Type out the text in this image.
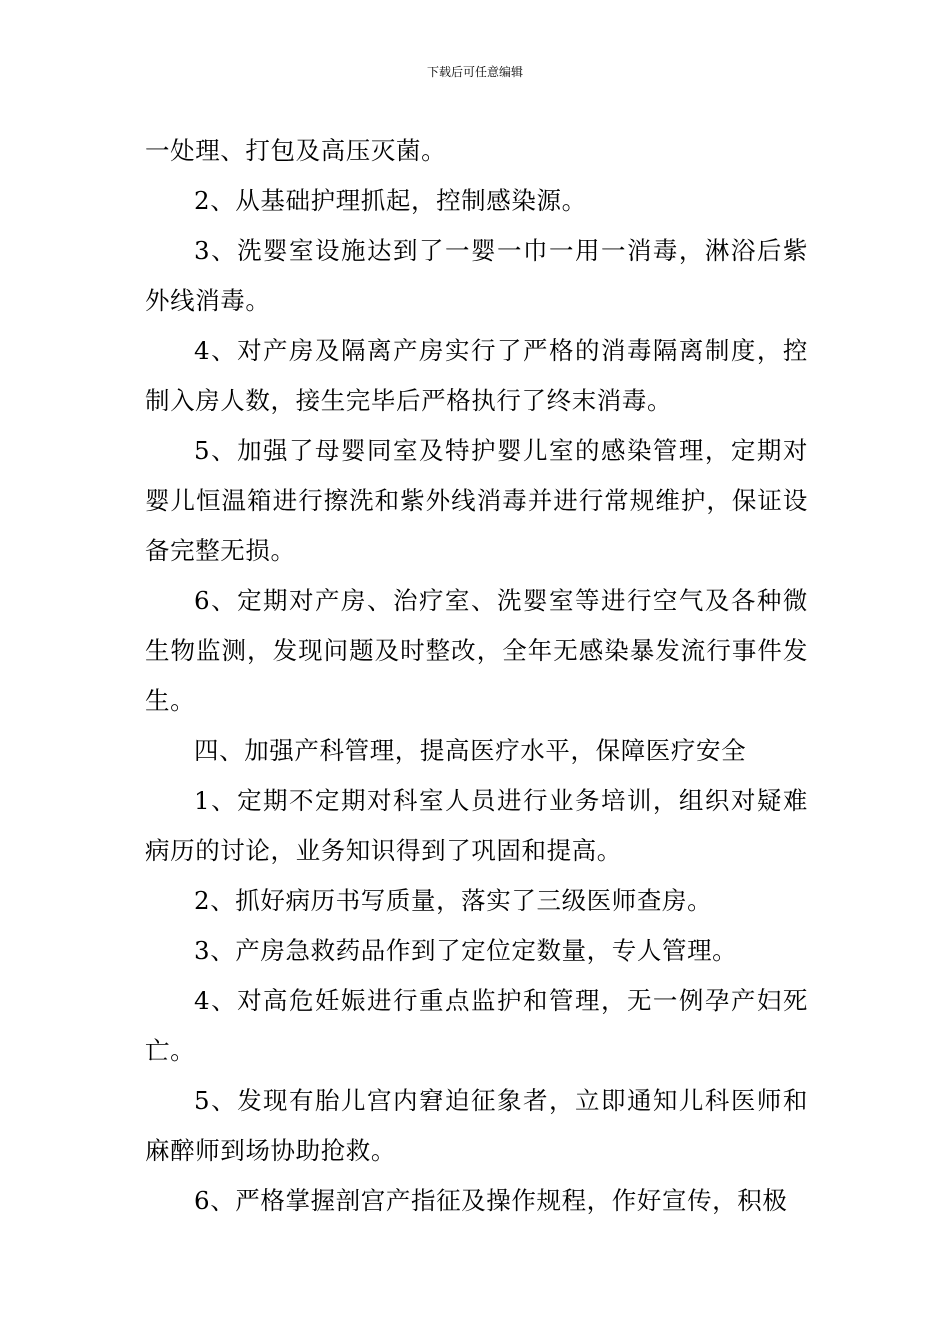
下载后可任意编辑

一处理、打包及高压灭菌。

2、从基础护理抓起，控制感染源。

3、洗婴室设施达到了一婴一巾一用一消毒，淋浴后紫外线消毒。

4、对产房及隔离产房实行了严格的消毒隔离制度，控制入房人数，接生完毕后严格执行了终末消毒。

5、加强了母婴同室及特护婴儿室的感染管理，定期对婴儿恒温箱进行擦洗和紫外线消毒并进行常规维护，保证设备完整无损。

6、定期对产房、治疗室、洗婴室等进行空气及各种微生物监测，发现问题及时整改，全年无感染暴发流行事件发生。

四、加强产科管理，提高医疗水平，保障医疗安全

1、定期不定期对科室人员进行业务培训，组织对疑难病历的讨论，业务知识得到了巩固和提高。

2、抓好病历书写质量，落实了三级医师查房。

3、产房急救药品作到了定位定数量，专人管理。

4、对高危妊娠进行重点监护和管理，无一例孕产妇死亡。

5、发现有胎儿宫内窘迫征象者，立即通知儿科医师和麻醉师到场协助抢救。

6、严格掌握剖宫产指征及操作规程，作好宣传，积极
